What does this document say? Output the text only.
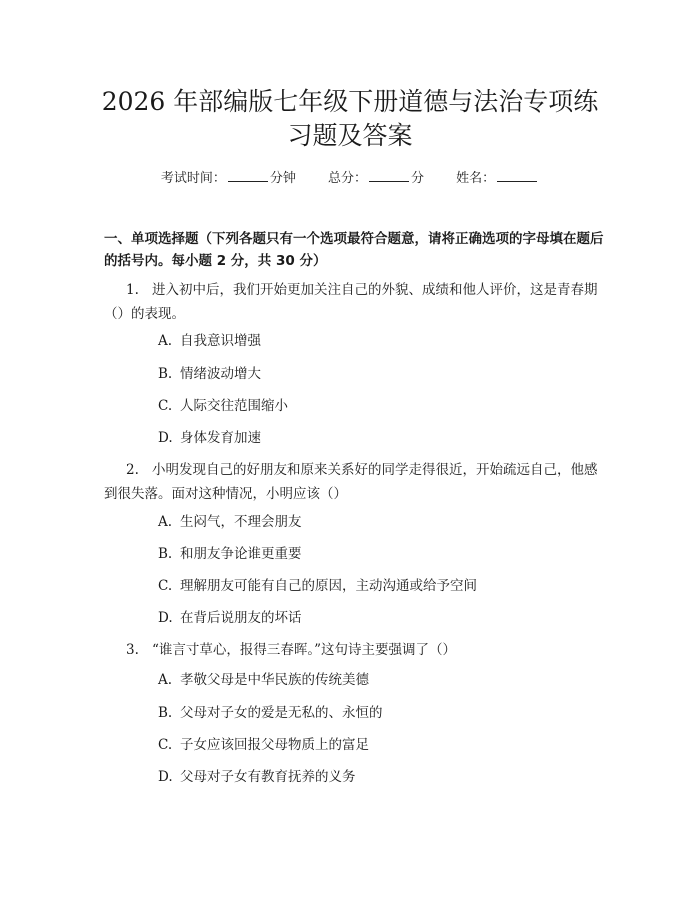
2026 年部编版七年级下册道德与法治专项练
习题及答案
考试时间：	分钟 总分：	分 姓名：
一、单项选择题（下列各题只有一个选项最符合题意，请将正确选项的字母填在题后的括号内。每小题 2 分，共 30 分）
1. 进入初中后，我们开始更加关注自己的外貌、成绩和他人评价，这是青春期（）的表现。
A. 自我意识增强
B. 情绪波动增大
C. 人际交往范围缩小
D. 身体发育加速
2. 小明发现自己的好朋友和原来关系好的同学走得很近，开始疏远自己，他感到很失落。面对这种情况，小明应该（）
A. 生闷气，不理会朋友
B. 和朋友争论谁更重要
C. 理解朋友可能有自己的原因，主动沟通或给予空间
D. 在背后说朋友的坏话
3. “谁言寸草心，报得三春晖。”这句诗主要强调了（）
A. 孝敬父母是中华民族的传统美德
B. 父母对子女的爱是无私的、永恒的
C. 子女应该回报父母物质上的富足
D. 父母对子女有教育抚养的义务
